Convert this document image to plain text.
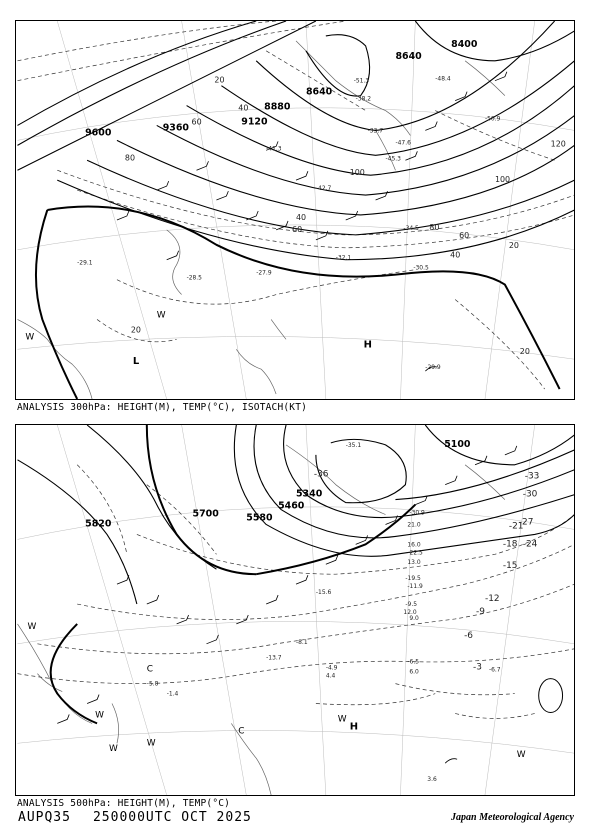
9600	9360
9120
8880
8640
8640
8400
20
40
60
80
100
120
100
80
60
40
20
20
20
40
60
-29.9
-30.5
-32.1
-34.5
-33.7
-38.2
-41.3
-42.7
-45.3
-47.6
-48.4
-51.3
-50.9
-27.9
-29.1
-28.5
L
W
H
W
ANALYSIS 300hPa: HEIGHT(M), TEMP(°C), ISOTACH(KT)
5820
5700	5580
5460
5340
5100
-3
-6
-9
-12
-15
-18
-21
-24
-27
-30
-33
-36
-4.9
-6.5
-6.7
-8.1
-9.5
-11.9
-15.6
-19.5
-22.5
-30.9
-35.1
6.0
4.4
3.6
12.0
9.0
13.0
16.0
21.0
-13.7
-5.8
-1.4
W
C
W
W
C
W
H
W
W
ANALYSIS 500hPa: HEIGHT(M), TEMP(°C)
AUPQ35 250000UTC OCT 2025	Japan Meteorological Agency
